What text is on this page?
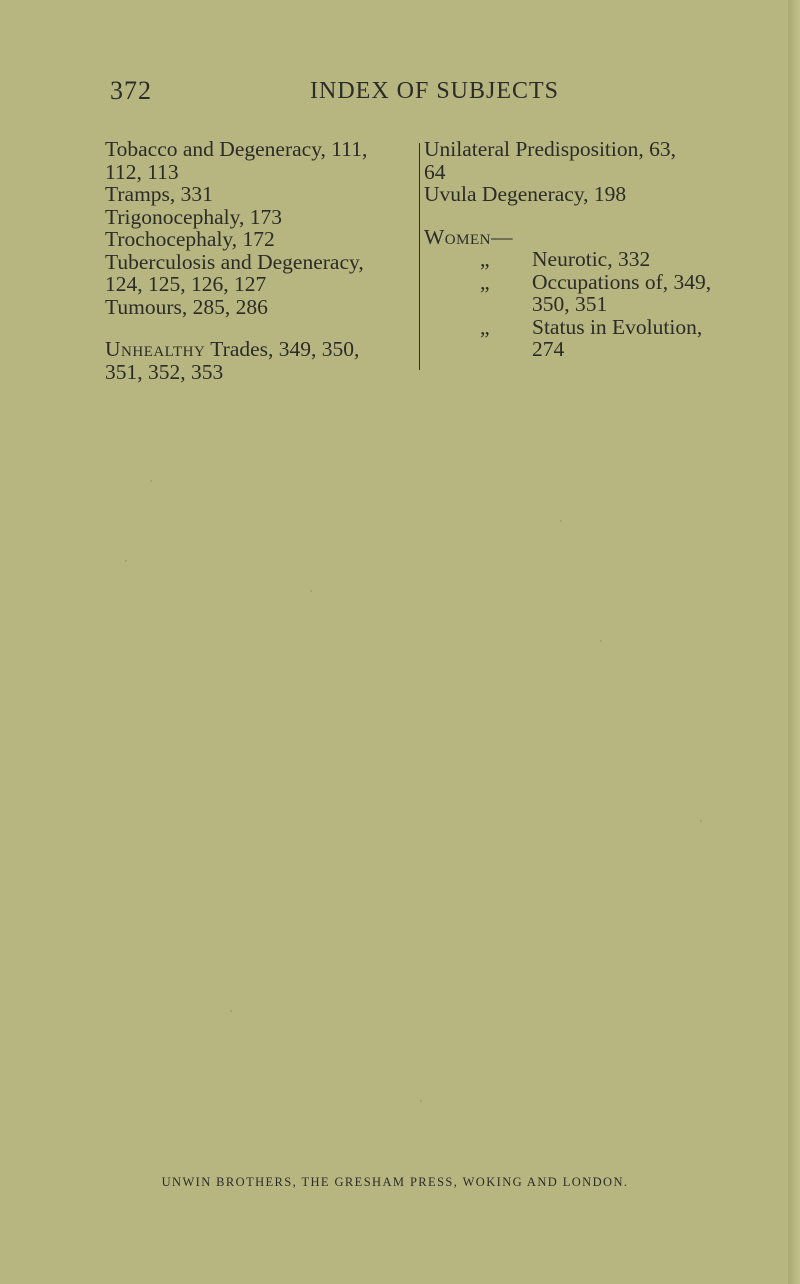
372	INDEX OF SUBJECTS
Tobacco and Degeneracy, 111,
112, 113
Tramps, 331
Trigonocephaly, 173
Trochocephaly, 172
Tuberculosis and Degeneracy,
124, 125, 126, 127
Tumours, 285, 286
Unhealthy Trades, 349, 350,
351, 352, 353
Unilateral Predisposition, 63,
64
Uvula Degeneracy, 198
Women—
„ Neurotic, 332
„ Occupations of, 349,
350, 351
„ Status in Evolution,
274
UNWIN BROTHERS, THE GRESHAM PRESS, WOKING AND LONDON.
